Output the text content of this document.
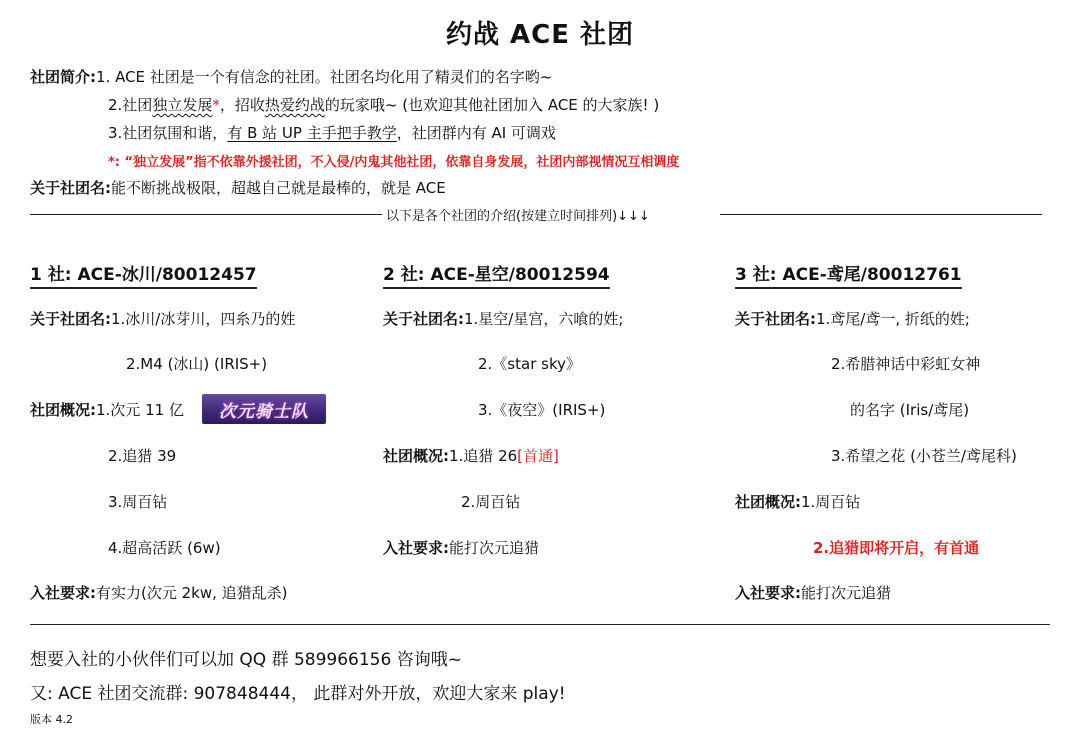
约战 ACE 社团
社团简介:1. ACE 社团是一个有信念的社团。社团名均化用了精灵们的名字哟~
2.社团独立发展*，招收热爱约战的玩家哦~ (也欢迎其他社团加入 ACE 的大家族! )
3.社团氛围和谐，有 B 站 UP 主手把手教学，社团群内有 AI 可调戏
*: “独立发展”指不依靠外援社团，不入侵/内鬼其他社团，依靠自身发展，社团内部视情况互相调度
关于社团名:能不断挑战极限，超越自己就是最棒的，就是 ACE
以下是各个社团的介绍(按建立时间排列)↓↓↓
1 社: ACE-冰川/80012457
关于社团名:1.冰川/冰芽川，四糸乃的姓
2.M4 (冰山) (IRIS+)
社团概况:1.次元 11 亿	次元骑士队
2.追猎 39
3.周百钻
4.超高活跃 (6w)
入社要求:有实力(次元 2kw, 追猎乱杀)
2 社: ACE-星空/80012594
关于社团名:1.星空/星宫，六喰的姓;
2.《star sky》
3.《夜空》(IRIS+)
社团概况:1.追猎 26[首通]
2.周百钻
入社要求:能打次元追猎
3 社: ACE-鸢尾/80012761
关于社团名:1.鸢尾/鸢一, 折纸的姓;
2.希腊神话中彩虹女神
的名字 (Iris/鸢尾)
3.希望之花 (小苍兰/鸢尾科)
社团概况:1.周百钻
2.追猎即将开启，有首通
入社要求:能打次元追猎
想要入社的小伙伴们可以加 QQ 群 589966156 咨询哦~
又: ACE 社团交流群: 907848444， 此群对外开放，欢迎大家来 play!
版本 4.2
